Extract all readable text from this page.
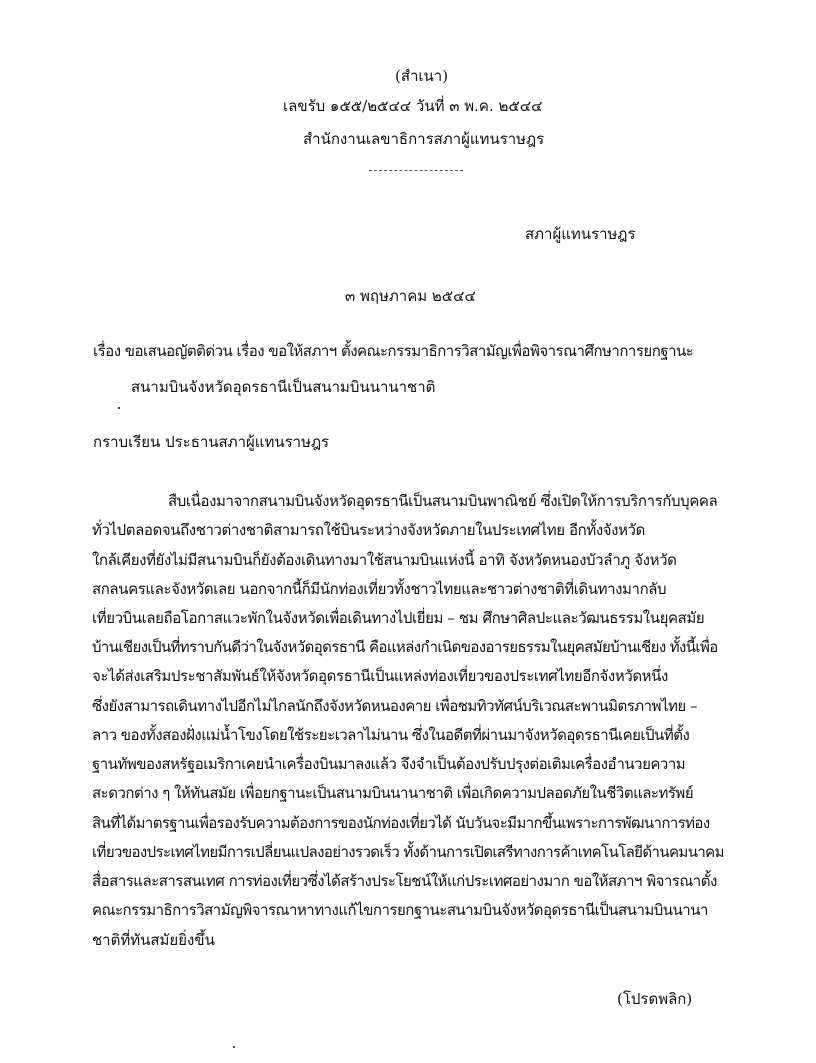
(สำเนา)
เลขรับ ๑๕๕/๒๕๔๔ วันที่ ๓ พ.ค. ๒๕๔๔
สำนักงานเลขาธิการสภาผู้แทนราษฎร
สภาผู้แทนราษฎร
๓ พฤษภาคม ๒๕๔๔
เรื่อง ขอเสนอญัตติด่วน เรื่อง ขอให้สภาฯ ตั้งคณะกรรมาธิการวิสามัญเพื่อพิจารณาศึกษาการยกฐานะ
สนามบินจังหวัดอุดรธานีเป็นสนามบินนานาชาติ
กราบเรียน ประธานสภาผู้แทนราษฎร
สืบเนื่องมาจากสนามบินจังหวัดอุดรธานีเป็นสนามบินพาณิชย์ ซึ่งเปิดให้การบริการกับบุคคล
ทั่วไปตลอดจนถึงชาวต่างชาติสามารถใช้บินระหว่างจังหวัดภายในประเทศไทย อีกทั้งจังหวัด
ใกล้เคียงที่ยังไม่มีสนามบินก็ยังต้องเดินทางมาใช้สนามบินแห่งนี้ อาทิ จังหวัดหนองบัวลำภู จังหวัด
สกลนครและจังหวัดเลย นอกจากนี้ก็มีนักท่องเที่ยวทั้งชาวไทยและชาวต่างชาติที่เดินทางมากลับ
เที่ยวบินเลยถือโอกาสแวะพักในจังหวัดเพื่อเดินทางไปเยี่ยม – ชม ศึกษาศิลปะและวัฒนธรรมในยุคสมัย
บ้านเชียงเป็นที่ทราบกันดีว่าในจังหวัดอุดรธานี คือแหล่งกำเนิดของอารยธรรมในยุคสมัยบ้านเชียง ทั้งนี้เพื่อ
จะได้ส่งเสริมประชาสัมพันธ์ให้จังหวัดอุดรธานีเป็นแหล่งท่องเที่ยวของประเทศไทยอีกจังหวัดหนึ่ง
ซึ่งยังสามารถเดินทางไปอีกไม่ไกลนักถึงจังหวัดหนองคาย เพื่อชมทิวทัศน์บริเวณสะพานมิตรภาพไทย –
ลาว ของทั้งสองฝั่งแม่น้ำโขงโดยใช้ระยะเวลาไม่นาน ซึ่งในอดีตที่ผ่านมาจังหวัดอุดรธานีเคยเป็นที่ตั้ง
ฐานทัพของสหรัฐอเมริกาเคยนำเครื่องบินมาลงแล้ว จึงจำเป็นต้องปรับปรุงต่อเติมเครื่องอำนวยความ
สะดวกต่าง ๆ ให้ทันสมัย เพื่อยกฐานะเป็นสนามบินนานาชาติ เพื่อเกิดความปลอดภัยในชีวิตและทรัพย์
สินที่ได้มาตรฐานเพื่อรองรับความต้องการของนักท่องเที่ยวได้ นับวันจะมีมากขึ้นเพราะการพัฒนาการท่อง
เที่ยวของประเทศไทยมีการเปลี่ยนแปลงอย่างรวดเร็ว ทั้งด้านการเปิดเสรีทางการค้าเทคโนโลยีด้านคมนาคม
สื่อสารและสารสนเทศ การท่องเที่ยวซึ่งได้สร้างประโยชน์ให้แก่ประเทศอย่างมาก ขอให้สภาฯ พิจารณาตั้ง
คณะกรรมาธิการวิสามัญพิจารณาหาทางแก้ไขการยกฐานะสนามบินจังหวัดอุดรธานีเป็นสนามบินนานา
ชาติที่ทันสมัยยิ่งขึ้น
(โปรดพลิก)
